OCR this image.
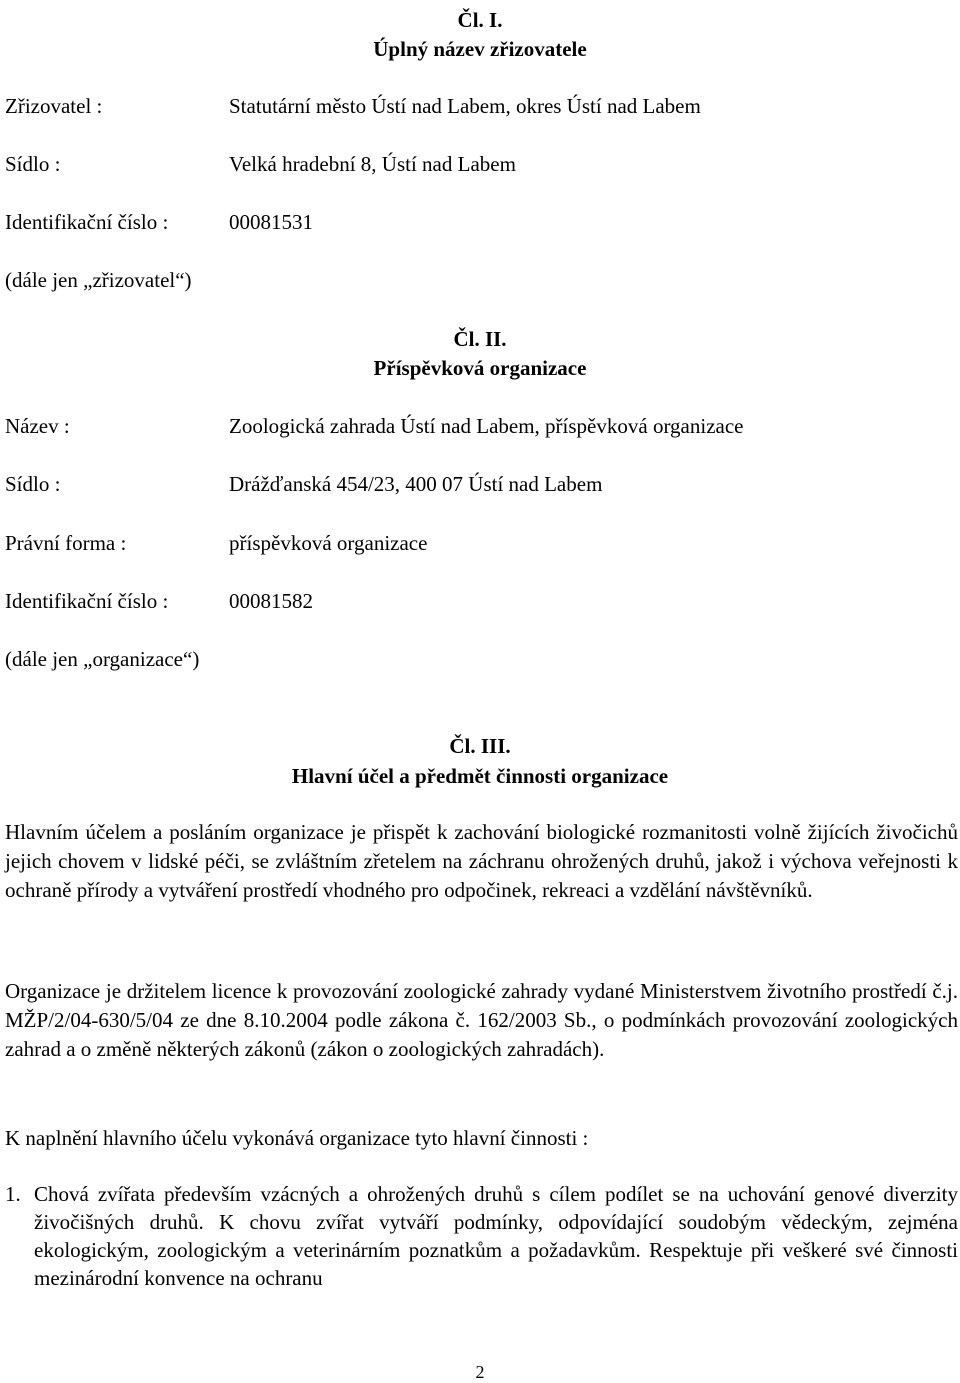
Čl. I.
Úplný název zřizovatele
Zřizovatel :	Statutární město Ústí nad Labem, okres Ústí nad Labem
Sídlo :	Velká hradební 8, Ústí nad Labem
Identifikační číslo :	00081531
(dále jen „zřizovatel“)
Čl. II.
Příspěvková organizace
Název :	Zoologická zahrada Ústí nad Labem, příspěvková organizace
Sídlo :	Drážďanská 454/23, 400 07 Ústí nad Labem
Právní forma :	příspěvková organizace
Identifikační číslo :	00081582
(dále jen „organizace“)
Čl. III.
Hlavní účel a předmět činnosti organizace
Hlavním účelem a posláním organizace je přispět k zachování biologické rozmanitosti volně žijících živočichů jejich chovem v lidské péči, se zvláštním zřetelem na záchranu ohrožených druhů, jakož i výchova veřejnosti k ochraně přírody a vytváření prostředí vhodného pro odpočinek, rekreaci a vzdělání návštěvníků.
Organizace je držitelem licence k provozování zoologické zahrady vydané Ministerstvem životního prostředí č.j. MŽP/2/04-630/5/04 ze dne 8.10.2004 podle zákona č. 162/2003 Sb., o podmínkách provozování zoologických zahrad a o změně některých zákonů (zákon o zoologických zahradách).
K naplnění hlavního účelu vykonává organizace tyto hlavní činnosti :
1. Chová zvířata především vzácných a ohrožených druhů s cílem podílet se na uchování genové diverzity živočišných druhů. K chovu zvířat vytváří podmínky, odpovídající soudobým vědeckým, zejména ekologickým, zoologickým a veterinárním poznatkům a požadavkům. Respektuje při veškeré své činnosti mezinárodní konvence na ochranu
2
